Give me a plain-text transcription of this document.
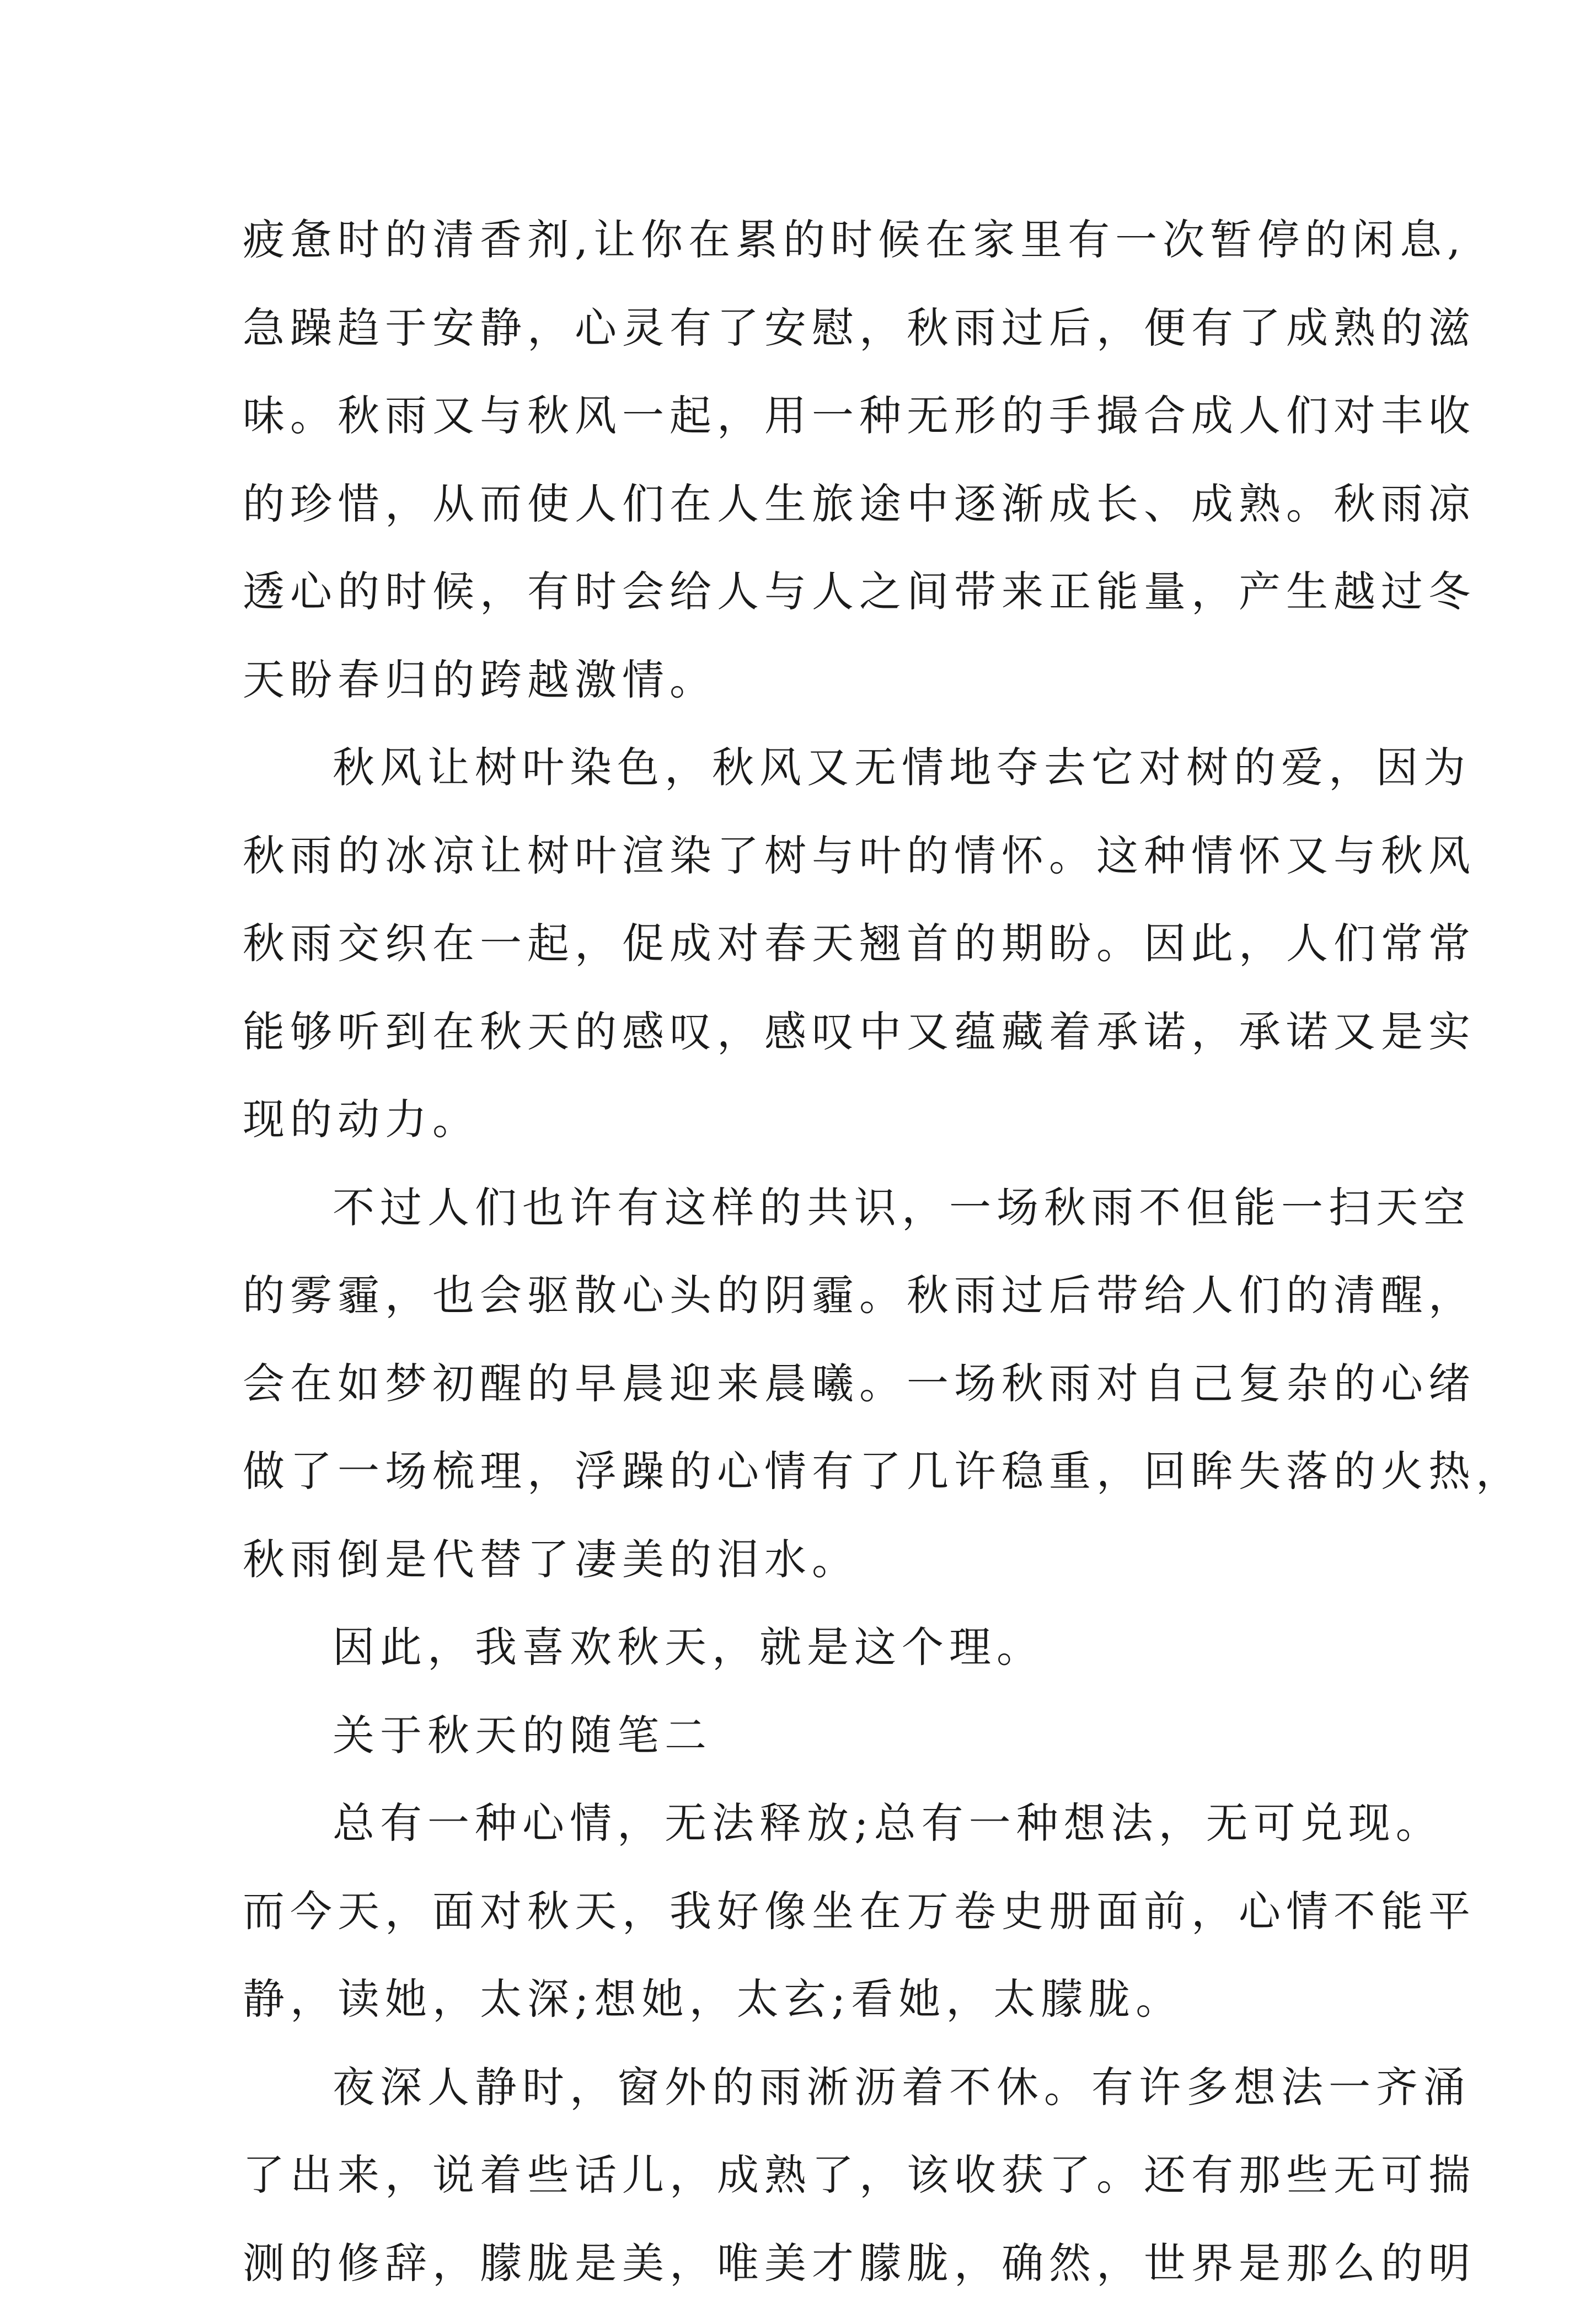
疲惫时的清香剂,让你在累的时候在家里有一次暂停的闲息,
急躁趋于安静，心灵有了安慰，秋雨过后，便有了成熟的滋
味。秋雨又与秋风一起，用一种无形的手撮合成人们对丰收
的珍惜，从而使人们在人生旅途中逐渐成长、成熟。秋雨凉
透心的时候，有时会给人与人之间带来正能量，产生越过冬
天盼春归的跨越激情。
秋风让树叶染色，秋风又无情地夺去它对树的爱，因为
秋雨的冰凉让树叶渲染了树与叶的情怀。这种情怀又与秋风
秋雨交织在一起，促成对春天翘首的期盼。因此，人们常常
能够听到在秋天的感叹，感叹中又蕴藏着承诺，承诺又是实
现的动力。
不过人们也许有这样的共识，一场秋雨不但能一扫天空
的雾霾，也会驱散心头的阴霾。秋雨过后带给人们的清醒，
会在如梦初醒的早晨迎来晨曦。一场秋雨对自己复杂的心绪
做了一场梳理，浮躁的心情有了几许稳重，回眸失落的火热，
秋雨倒是代替了凄美的泪水。
因此，我喜欢秋天，就是这个理。
关于秋天的随笔二
总有一种心情，无法释放;总有一种想法，无可兑现。
而今天，面对秋天，我好像坐在万卷史册面前，心情不能平
静，读她，太深;想她，太玄;看她，太朦胧。
夜深人静时，窗外的雨淅沥着不休。有许多想法一齐涌
了出来，说着些话儿，成熟了，该收获了。还有那些无可揣
测的修辞，朦胧是美，唯美才朦胧，确然，世界是那么的明
